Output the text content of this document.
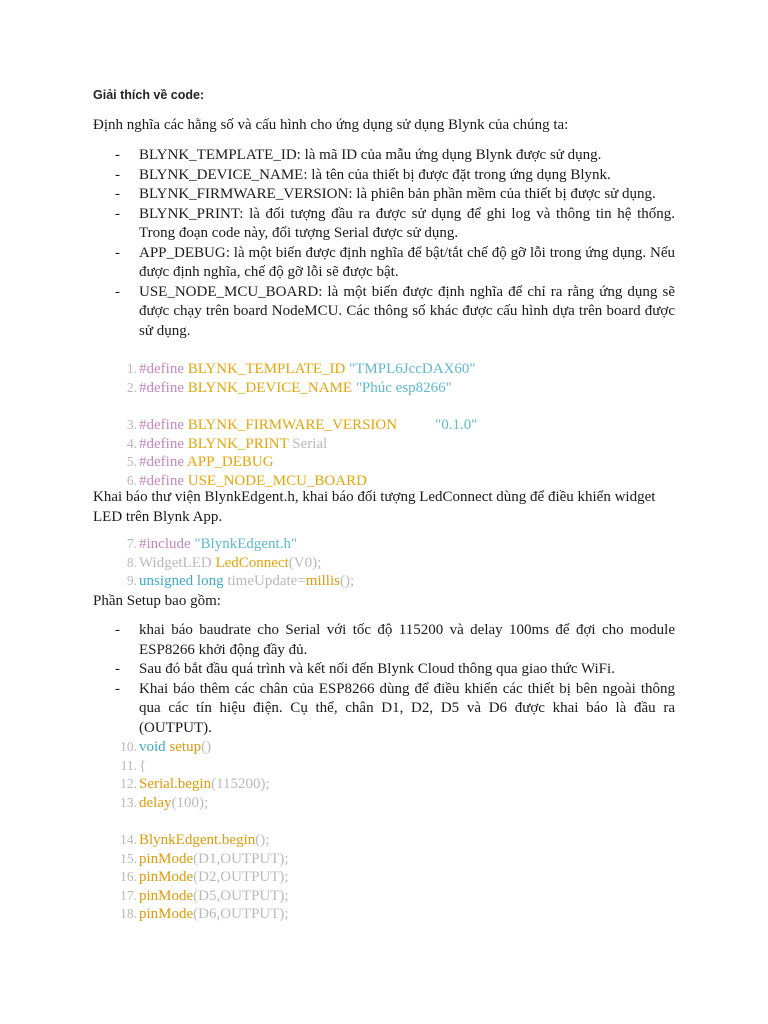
Giải thích về code:
Định nghĩa các hằng số và cấu hình cho ứng dụng sử dụng Blynk của chúng ta:
- BLYNK_TEMPLATE_ID: là mã ID của mẫu ứng dụng Blynk được sử dụng.
- BLYNK_DEVICE_NAME: là tên của thiết bị được đặt trong ứng dụng Blynk.
- BLYNK_FIRMWARE_VERSION: là phiên bản phần mềm của thiết bị được sử dụng.
- BLYNK_PRINT: là đối tượng đầu ra được sử dụng để ghi log và thông tin hệ thống. Trong đoạn code này, đối tượng Serial được sử dụng.
- APP_DEBUG: là một biến được định nghĩa để bật/tắt chế độ gỡ lỗi trong ứng dụng. Nếu được định nghĩa, chế độ gỡ lỗi sẽ được bật.
- USE_NODE_MCU_BOARD: là một biến được định nghĩa để chỉ ra rằng ứng dụng sẽ được chạy trên board NodeMCU. Các thông số khác được cấu hình dựa trên board được sử dụng.
1. #define BLYNK_TEMPLATE_ID "TMPL6JccDAX60"
2. #define BLYNK_DEVICE_NAME "Phúc esp8266"
3. #define BLYNK_FIRMWARE_VERSION	"0.1.0"
4. #define BLYNK_PRINT Serial
5. #define APP_DEBUG
6. #define USE_NODE_MCU_BOARD
Khai báo thư viện BlynkEdgent.h, khai báo đối tượng LedConnect dùng để điều khiển widget LED trên Blynk App.
7. #include "BlynkEdgent.h"
8. WidgetLED LedConnect(V0);
9. unsigned long timeUpdate=millis();
Phần Setup bao gồm:
- khai báo baudrate cho Serial với tốc độ 115200 và delay 100ms để đợi cho module ESP8266 khởi động đầy đủ.
- Sau đó bắt đầu quá trình và kết nối đến Blynk Cloud thông qua giao thức WiFi.
- Khai báo thêm các chân của ESP8266 dùng để điều khiển các thiết bị bên ngoài thông qua các tín hiệu điện. Cụ thể, chân D1, D2, D5 và D6 được khai báo là đầu ra (OUTPUT).
10. void setup()
11. {
12. Serial.begin(115200);
13. delay(100);
14. BlynkEdgent.begin();
15. pinMode(D1,OUTPUT);
16. pinMode(D2,OUTPUT);
17. pinMode(D5,OUTPUT);
18. pinMode(D6,OUTPUT);
